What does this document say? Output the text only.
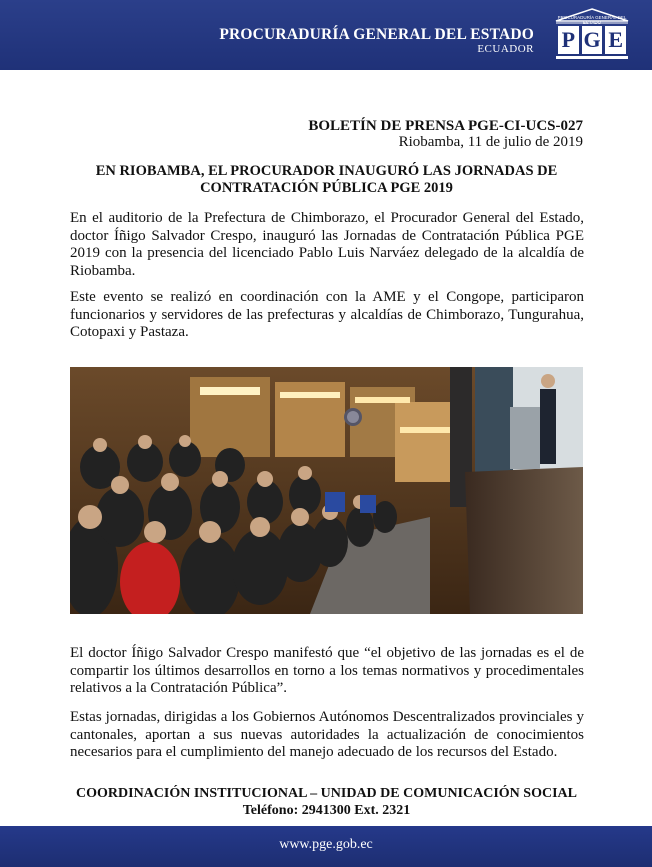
PROCURADURÍA GENERAL DEL ESTADO
ECUADOR
PROCURADURÍA GENERAL DEL ESTADO
P G E
BOLETÍN DE PRENSA PGE-CI-UCS-027
Riobamba, 11 de julio de 2019
EN RIOBAMBA, EL PROCURADOR INAUGURÓ LAS JORNADAS DE
CONTRATACIÓN PÚBLICA PGE 2019

En el auditorio de la Prefectura de Chimborazo, el Procurador General del Estado, doctor Íñigo Salvador Crespo, inauguró las Jornadas de Contratación Pública PGE 2019 con la presencia del licenciado Pablo Luis Narváez delegado de la alcaldía de Riobamba.

Este evento se realizó en coordinación con la AME y el Congope, participaron funcionarios y servidores de las prefecturas y alcaldías de Chimborazo, Tungurahua, Cotopaxi y Pastaza.

El doctor Íñigo Salvador Crespo manifestó que “el objetivo de las jornadas es el de compartir los últimos desarrollos en torno a los temas normativos y procedimentales relativos a la Contratación Pública”.

Estas jornadas, dirigidas a los Gobiernos Autónomos Descentralizados provinciales y cantonales, aportan a sus nuevas autoridades la actualización de conocimientos necesarios para el cumplimiento del manejo adecuado de los recursos del Estado.

COORDINACIÓN INSTITUCIONAL – UNIDAD DE COMUNICACIÓN SOCIAL
Teléfono: 2941300 Ext. 2321
www.pge.gob.ec
